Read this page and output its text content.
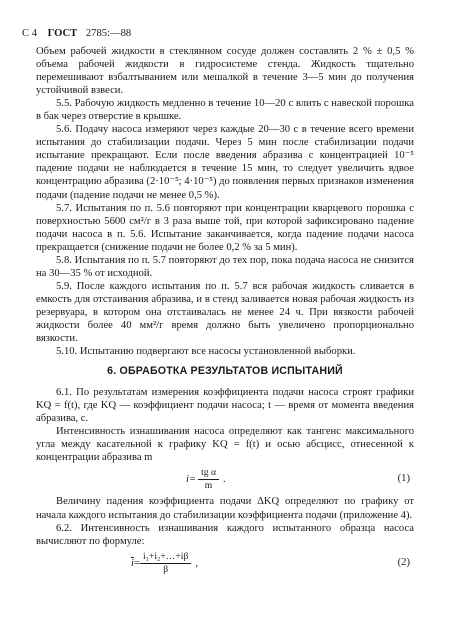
С 4 ГОСТ 2785:—88

Объем рабочей жидкости в стеклянном сосуде должен составлять 2 % ± 0,5 % объема рабочей жидкости в гидросистеме стенда. Жидкость тщательно перемешивают взбалтыванием или мешалкой в течение 3—5 мин до получения устойчивой взвеси.

5.5. Рабочую жидкость медленно в течение 10—20 с влить с навеской порошка в бак через отверстие в крышке.

5.6. Подачу насоса измеряют через каждые 20—30 с в течение всего времени испытания до стабилизации подачи. Через 5 мин после стабилизации подачи испытание прекращают. Если после введения абразива с концентрацией 10⁻⁵ падение подачи не наблюдается в течение 15 мин, то следует увеличить вдвое концентрацию абразива (2·10⁻⁵; 4·10⁻⁵) до появления первых признаков изменения подачи (падение подачи не менее 0,5 %).

5.7. Испытания по п. 5.6 повторяют при концентрации кварцевого порошка с поверхностью 5600 см²/г в 3 раза выше той, при которой зафиксировано падение подачи насоса в п. 5.6. Испытание заканчивается, когда падение подачи насоса прекращается (снижение подачи не более 0,2 % за 5 мин).

5.8. Испытания по п. 5.7 повторяют до тех пор, пока подача насоса не снизится на 30—35 % от исходной.

5.9. После каждого испытания по п. 5.7 вся рабочая жидкость сливается в емкость для отстаивания абразива, и в стенд заливается новая рабочая жидкость из резервуара, в котором она отстаивалась не менее 24 ч. При вязкости рабочей жидкости более 40 мм²/г время должно быть увеличено пропорционально вязкости.

5.10. Испытанию подвергают все насосы установленной выборки.

6. ОБРАБОТКА РЕЗУЛЬТАТОВ ИСПЫТАНИЙ

6.1. По результатам измерения коэффициента подачи насоса строят графики KQ = f(t), где KQ — коэффициент подачи насоса; t — время от момента введения абразива, с.

Интенсивность изнашивания насоса определяют как тангенс максимального угла между касательной к графику KQ = f(t) и осью абсцисс, отнесенной к концентрации абразива m

$i= \frac{\text{tg α}}{m}$ .	(1)

Величину падения коэффициента подачи ΔKQ определяют по графику от начала каждого испытания до стабилизации коэффициента подачи (приложение 4).

6.2. Интенсивность изнашивания каждого испытанного образца насоса вычисляют по формуле:

$\overline{i} = \frac{\text{i₁+i₂+…+iβ}}{\beta}$ ,	(2)
